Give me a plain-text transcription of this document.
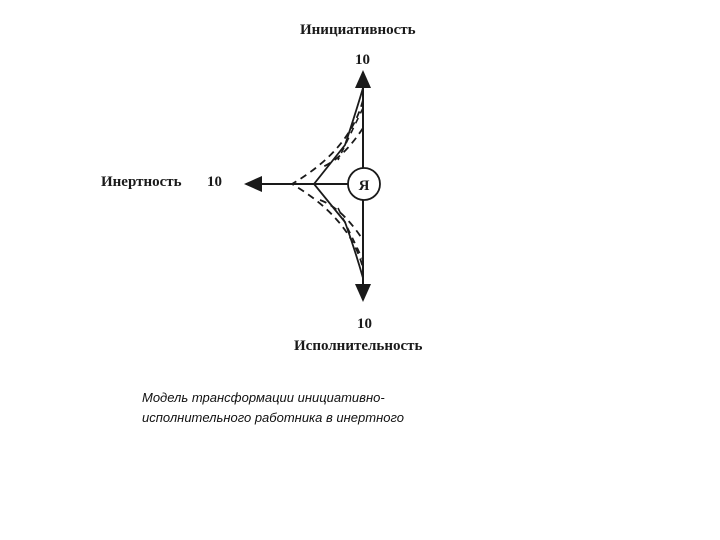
Я
Инициативность
10
Инертность 10
10
Исполнительность
Модель трансформации инициативно-
исполнительного работника в инертного
